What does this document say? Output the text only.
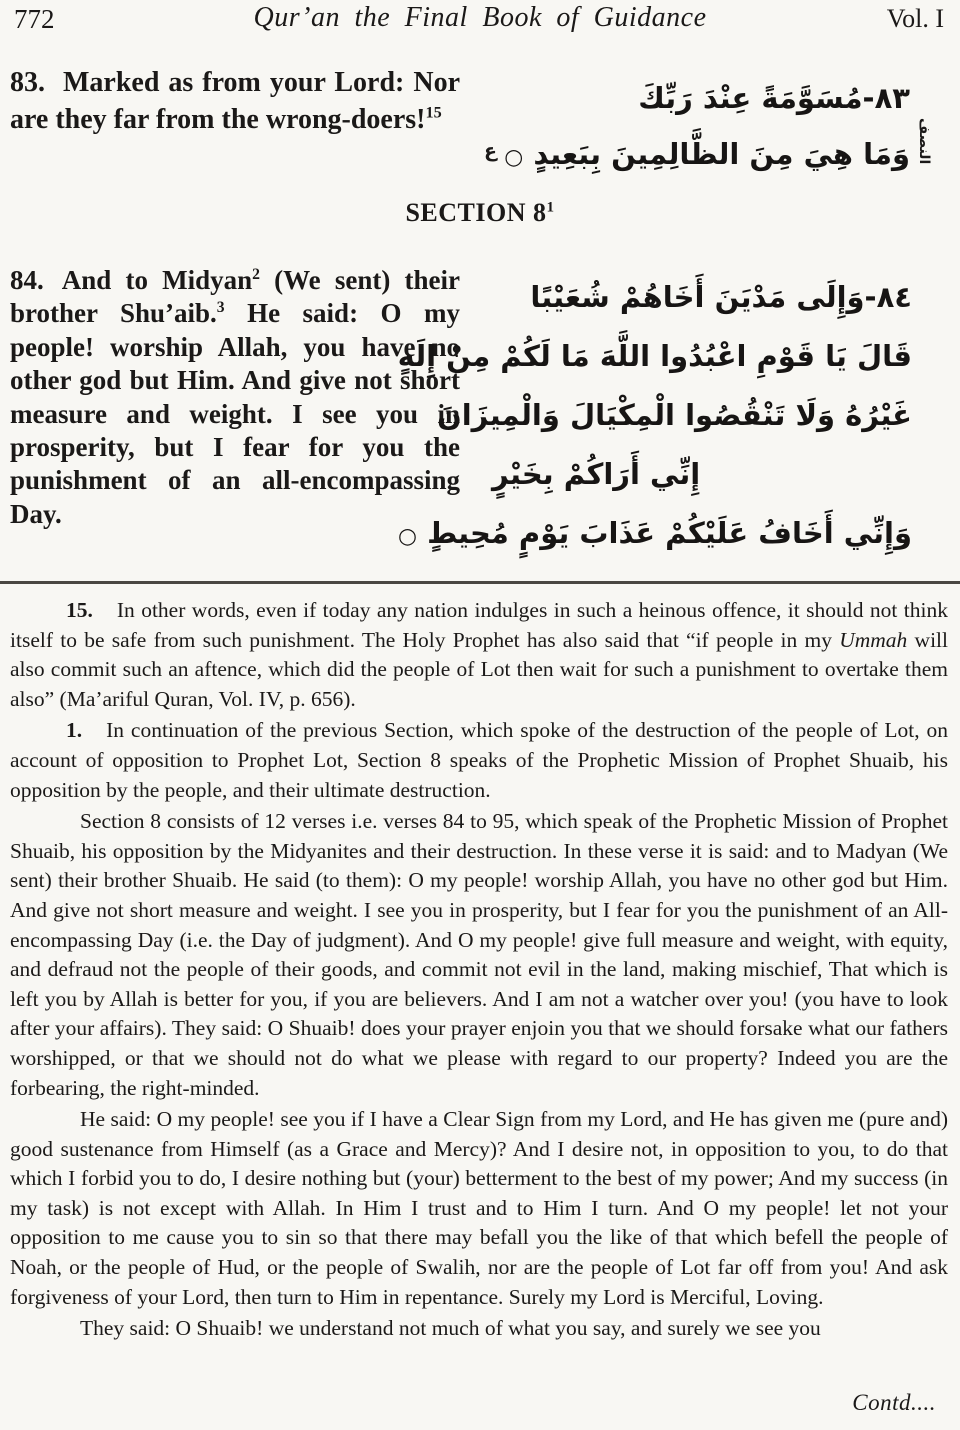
772	Qur’an the Final Book of Guidance	Vol. I
83. Marked as from your Lord: Nor are they far from the wrong-doers!$^{15}$	٨٣-مُسَوَّمَةً عِنْدَ رَبِّكَ
وَمَا هِيَ مِنَ الظَّالِمِينَ بِبَعِيدٍ ○	النصف
ع
SECTION $8^1$
84. And to Midyan$^2$ (We sent) their brother Shu’aib.$^3$ He said: O my people! worship Allah, you have no other god but Him. And give not short measure and weight. I see you in prosperity, but I fear for you the punishment of an all-encompassing Day.
٨٤-وَإِلَى مَدْيَنَ أَخَاهُمْ شُعَيْبًا
قَالَ يَا قَوْمِ اعْبُدُوا اللَّهَ مَا لَكُمْ مِنْ إِلَهٍ
غَيْرُهُ وَلَا تَنْقُصُوا الْمِكْيَالَ وَالْمِيزَانَ
إِنِّي أَرَاكُمْ بِخَيْرٍ
وَإِنِّي أَخَافُ عَلَيْكُمْ عَذَابَ يَوْمٍ مُحِيطٍ ○

15. In other words, even if today any nation indulges in such a heinous offence, it should not think itself to be safe from such punishment. The Holy Prophet has also said that “if people in my Ummah will also commit such an aftence, which did the people of Lot then wait for such a punishment to overtake them also” (Ma’ariful Quran, Vol. IV, p. 656).

1. In continuation of the previous Section, which spoke of the destruction of the people of Lot, on account of opposition to Prophet Lot, Section 8 speaks of the Prophetic Mission of Prophet Shuaib, his opposition by the people, and their ultimate destruction.

Section 8 consists of 12 verses i.e. verses 84 to 95, which speak of the Prophetic Mission of Prophet Shuaib, his opposition by the Midyanites and their destruction. In these verse it is said: and to Madyan (We sent) their brother Shuaib. He said (to them): O my people! worship Allah, you have no other god but Him. And give not short measure and weight. I see you in prosperity, but I fear for you the punishment of an All-encompassing Day (i.e. the Day of judgment). And O my people! give full measure and weight, with equity, and defraud not the people of their goods, and commit not evil in the land, making mischief, That which is left you by Allah is better for you, if you are believers. And I am not a watcher over you! (you have to look after your affairs). They said: O Shuaib! does your prayer enjoin you that we should forsake what our fathers worshipped, or that we should not do what we please with regard to our property? Indeed you are the forbearing, the right-minded.

He said: O my people! see you if I have a Clear Sign from my Lord, and He has given me (pure and) good sustenance from Himself (as a Grace and Mercy)? And I desire not, in opposition to you, to do that which I forbid you to do, I desire nothing but (your) betterment to the best of my power; And my success (in my task) is not except with Allah. In Him I trust and to Him I turn. And O my people! let not your opposition to me cause you to sin so that there may befall you the like of that which befell the people of Noah, or the people of Hud, or the people of Swalih, nor are the people of Lot far off from you! And ask forgiveness of your Lord, then turn to Him in repentance. Surely my Lord is Merciful, Loving.

They said: O Shuaib! we understand not much of what you say, and surely we see you

Contd....
